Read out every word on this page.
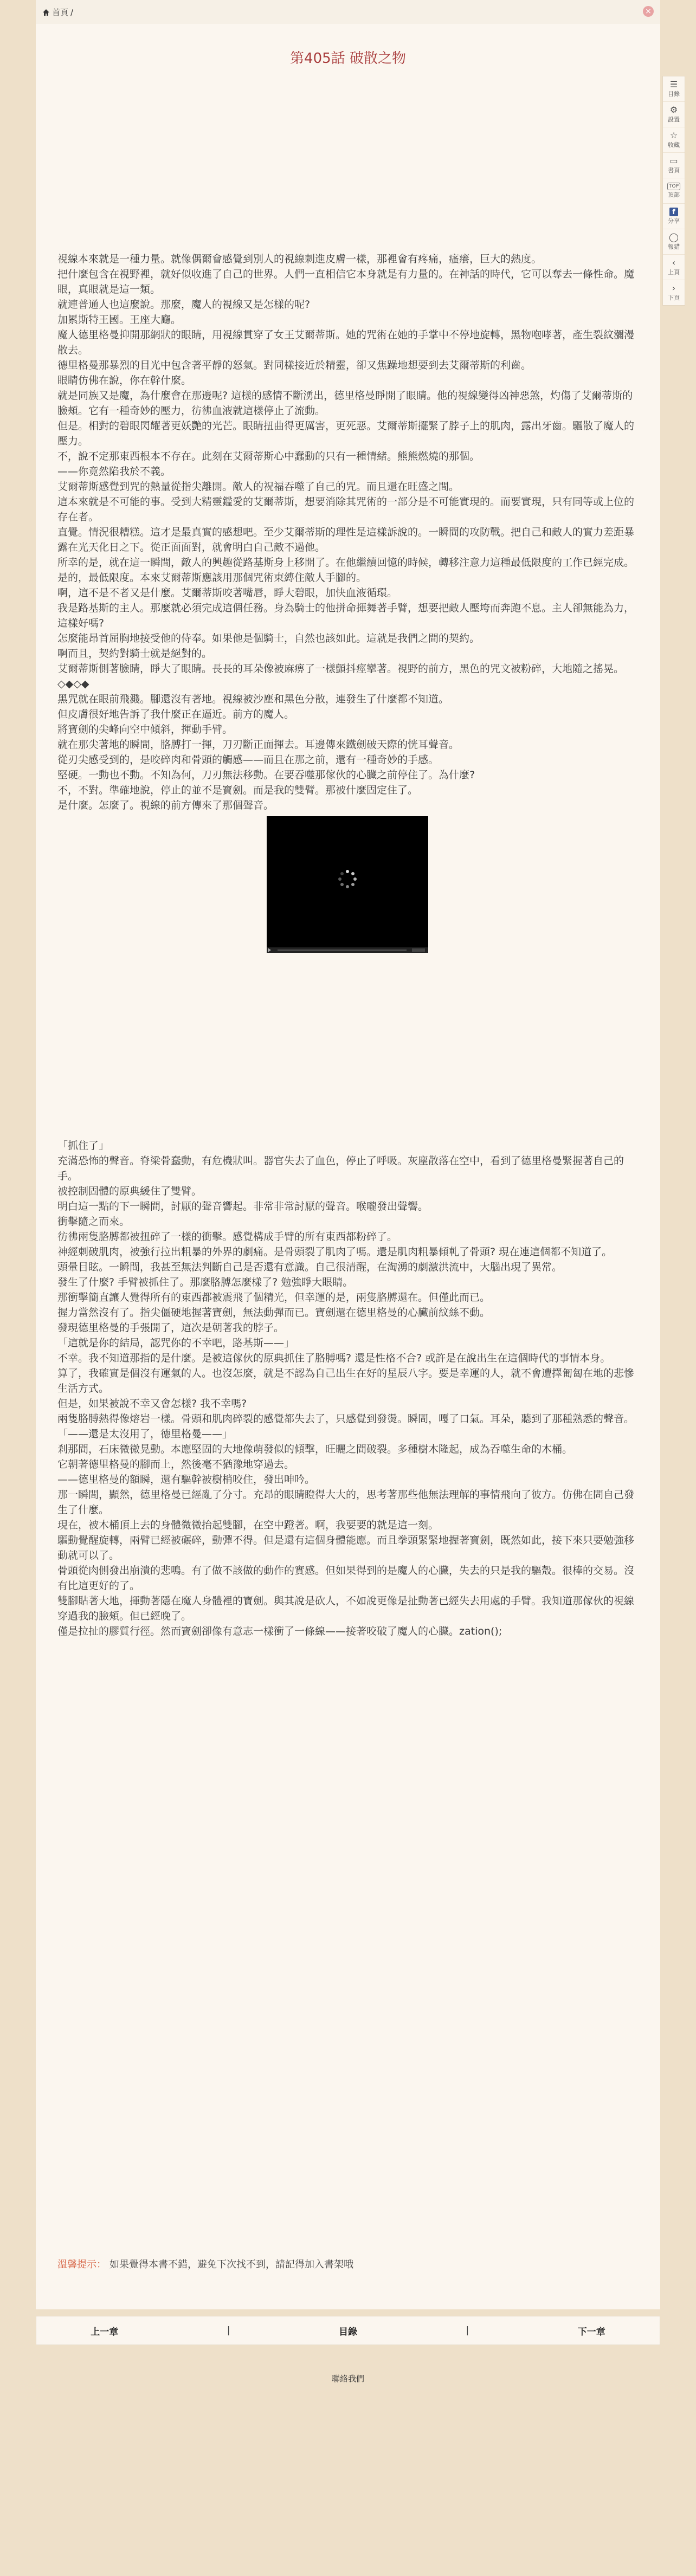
首頁 /	×
第405話 破散之物

視線本來就是一種力量。就像偶爾會感覺到別人的視線刺進皮膚一樣，那裡會有疼痛，瘙癢，巨大的熱度。

把什麼包含在視野裡，就好似收進了自己的世界。人們一直相信它本身就是有力量的。在神話的時代，它可以奪去一條性命。魔眼，真眼就是這一類。

就連普通人也這麼說。那麼，魔人的視線又是怎樣的呢?

加累斯特王國。王座大廳。

魔人德里格曼抑開那網狀的眼睛，用視線貫穿了女王艾爾蒂斯。她的咒術在她的手掌中不停地旋轉，黑物咆哮著，產生裂紋瀰漫散去。

德里格曼那暴烈的目光中包含著平靜的怒氣。對同樣接近於精靈，卻又焦躁地想要到去艾爾蒂斯的利齒。

眼睛仿佛在說，你在幹什麼。

就是同族又是魔，為什麼會在那邊呢? 這樣的感情不斷湧出，德里格曼睜開了眼睛。他的視線變得凶神惡煞，灼傷了艾爾蒂斯的臉頰。它有一種奇妙的壓力，彷彿血液就這樣停止了流動。

但是。相對的碧眼閃耀著更妖艷的光芒。眼睛扭曲得更厲害，更死惡。艾爾蒂斯擺緊了脖子上的肌肉，露出牙齒。驅散了魔人的壓力。

不，說不定那東西根本不存在。此刻在艾爾蒂斯心中蠢動的只有一種情緒。熊熊燃燒的那個。

——你竟然陷我於不義。

艾爾蒂斯感覺到咒的熱量從指尖離開。敵人的祝福吞噬了自己的咒。而且還在旺盛之間。

這本來就是不可能的事。受到大精靈鑑愛的艾爾蒂斯，想要消除其咒術的一部分是不可能實現的。而要實現，只有同等或上位的存在者。

直覺。情況很糟糕。這才是最真實的感想吧。至少艾爾蒂斯的理性是這樣訴說的。一瞬間的攻防戰。把自己和敵人的實力差距暴露在光天化日之下。從正面面對，就會明白自己敵不過他。

所幸的是，就在這一瞬間，敵人的興趣從路基斯身上移開了。在他繼續回憶的時候，轉移注意力這種最低限度的工作已經完成。

是的，最低限度。本來艾爾蒂斯應該用那個咒術束縛住敵人手腳的。

啊，這不是不者又是什麼。艾爾蒂斯咬著嘴唇，睜大碧眼，加快血液循環。

我是路基斯的主人。那麼就必須完成這個任務。身為騎士的他拼命揮舞著手臂，想要把敵人壓垮而奔跑不息。主人卻無能為力，這樣好嗎?

怎麼能昂首屈胸地接受他的侍奉。如果他是個騎士，自然也該如此。這就是我們之間的契約。

啊而且，契約對騎士就是絕對的。

艾爾蒂斯側著臉睛，睜大了眼睛。長長的耳朵像被麻痹了一樣顫抖痙攣著。視野的前方，黑色的咒文被粉碎，大地隨之搖晃。

◇◆◇◆

黑咒就在眼前飛濺。腳還沒有著地。視線被沙塵和黑色分散，連發生了什麼都不知道。

但皮膚很好地告訴了我什麼正在逼近。前方的魔人。

將寶劍的尖峰向空中傾斜，揮動手臂。

就在那尖著地的瞬間，胳膊打一揮，刀刃斷正面揮去。耳邊傳來鐵劍破天際的恍耳聲音。

從刃尖感受到的，是咬碎肉和骨頭的觸感——而且在那之前，還有一種奇妙的手感。

堅硬。一動也不動。不知為何，刀刃無法移動。在要吞噬那傢伙的心臟之前停住了。為什麼?

不，不對。準確地說，停止的並不是寶劍。而是我的雙臂。那被什麼固定住了。

是什麼。怎麼了。視線的前方傳來了那個聲音。

「抓住了」

充滿恐怖的聲音。脊梁骨蠢動，有危機狀叫。器官失去了血色，停止了呼吸。灰塵散落在空中，看到了德里格曼緊握著自己的手。

被控制固體的原典緩住了雙臂。

明白這一點的下一瞬間，討厭的聲音響起。非常非常討厭的聲音。喉嚨發出聲響。

衝擊隨之而來。

彷彿兩隻胳膊都被扭碎了一樣的衝擊。感覺構成手臂的所有東西都粉碎了。

神經刺破肌肉，被強行拉出粗暴的外界的劇痛。是骨頭裂了肌肉了嗎。還是肌肉粗暴傾軋了骨頭? 現在連這個都不知道了。

頭暈目眩。一瞬間，我甚至無法判斷自己是否還有意識。自己很清醒，在淘湧的劇激洪流中，大腦出現了異常。

發生了什麼? 手臂被抓住了。那麼胳膊怎麼樣了? 勉強睜大眼睛。

那衝擊簡直讓人覺得所有的東西都被震飛了個精光，但幸運的是，兩隻胳膊還在。但僅此而已。

握力當然沒有了。指尖僵硬地握著寶劍，無法動彈而已。寶劍還在德里格曼的心臟前紋絲不動。

發現德里格曼的手張開了，這次是朝著我的脖子。

「這就是你的結局，認咒你的不幸吧，路基斯——」

不幸。我不知道那指的是什麼。是被這傢伙的原典抓住了胳膊嗎? 還是性格不合? 或許是在說出生在這個時代的事情本身。

算了，我確實是個沒有運氣的人。也沒怎麼，就是不認為自己出生在好的星辰八字。要是幸運的人，就不會遭擇匍匐在地的悲慘生活方式。

但是，如果被說不幸又會怎樣? 我不幸嗎?

兩隻胳膊熱得像熔岩一樣。骨頭和肌肉碎裂的感覺都失去了，只感覺到發燙。瞬間，嘎了口氣。耳朵，聽到了那種熟悉的聲音。

「——還是太沒用了，德里格曼——」

剎那間，石床微微晃動。本應堅固的大地像萌發似的傾擊，旺曬之間破裂。多種樹木隆起，成為吞噬生命的木桶。

它朝著德里格曼的腳而上，然後毫不猶豫地穿過去。

——德里格曼的額瞬，還有驅幹被樹梢咬住，發出呻吟。

那一瞬間，顯然，德里格曼已經亂了分寸。充昂的眼睛瞪得大大的，思考著那些他無法理解的事情飛向了彼方。仿佛在問自己發生了什麼。

現在，被木桶頂上去的身體微微抬起雙腳，在空中蹬著。啊，我要要的就是這一刻。

驅動覺醒旋轉，兩臂已經被碾碎，動彈不得。但是還有這個身體能應。而且拳頭緊緊地握著寶劍，既然如此，接下來只要勉強移動就可以了。

骨頭從肉側發出崩潰的悲鳴。有了做不該做的動作的實感。但如果得到的是魔人的心臟，失去的只是我的驅殼。很棒的交易。沒有比這更好的了。

雙腳貼著大地，揮動著隱在魔人身體裡的寶劍。與其說是砍人，不如說更像是扯動著已經失去用處的手臂。我知道那傢伙的視線穿過我的臉頰。但已經晚了。

僅是拉扯的膠質行徑。然而寶劍卻像有意志一樣衝了一條線——接著咬破了魔人的心臟。zation();

溫馨提示： 如果覺得本書不錯，避免下次找不到，請記得加入書架哦
☰
目錄
⚙
設置
☆
收藏
▭
書頁
TOP
頂部
f
分享
◯
報錯
‹
上頁
›
下頁
上一章	|	目錄	|	下一章
聯絡我們
